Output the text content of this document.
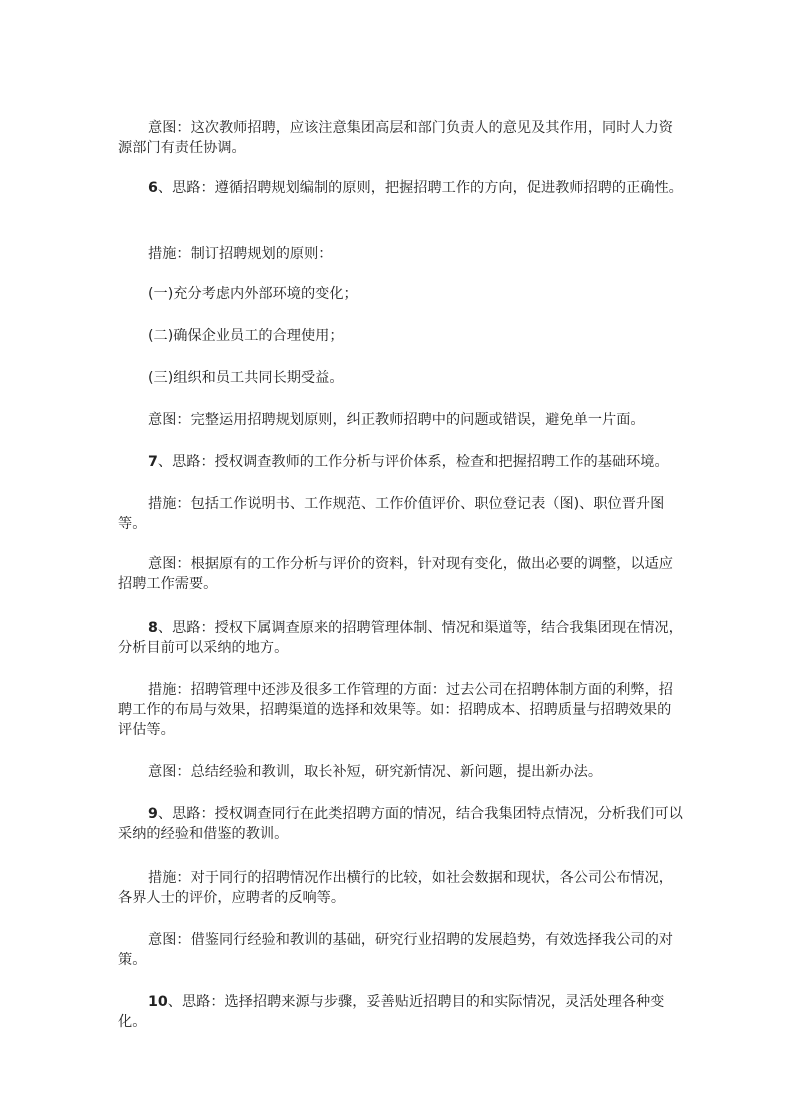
意图：这次教师招聘，应该注意集团高层和部门负责人的意见及其作用，同时人力资源部门有责任协调。
6、思路：遵循招聘规划编制的原则，把握招聘工作的方向，促进教师招聘的正确性。
措施：制订招聘规划的原则：
(一)充分考虑内外部环境的变化；
(二)确保企业员工的合理使用；
(三)组织和员工共同长期受益。
意图：完整运用招聘规划原则，纠正教师招聘中的问题或错误，避免单一片面。
7、思路：授权调查教师的工作分析与评价体系，检查和把握招聘工作的基础环境。
措施：包括工作说明书、工作规范、工作价值评价、职位登记表（图)、职位晋升图等。
意图：根据原有的工作分析与评价的资料，针对现有变化，做出必要的调整，以适应招聘工作需要。
8、思路：授权下属调查原来的招聘管理体制、情况和渠道等，结合我集团现在情况，分析目前可以采纳的地方。
措施：招聘管理中还涉及很多工作管理的方面：过去公司在招聘体制方面的利弊，招聘工作的布局与效果，招聘渠道的选择和效果等。如：招聘成本、招聘质量与招聘效果的评估等。
意图：总结经验和教训，取长补短，研究新情况、新问题，提出新办法。
9、思路：授权调查同行在此类招聘方面的情况，结合我集团特点情况，分析我们可以采纳的经验和借鉴的教训。
措施：对于同行的招聘情况作出横行的比较，如社会数据和现状，各公司公布情况，各界人士的评价，应聘者的反响等。
意图：借鉴同行经验和教训的基础，研究行业招聘的发展趋势，有效选择我公司的对策。
10、思路：选择招聘来源与步骤，妥善贴近招聘目的和实际情况，灵活处理各种变化。
